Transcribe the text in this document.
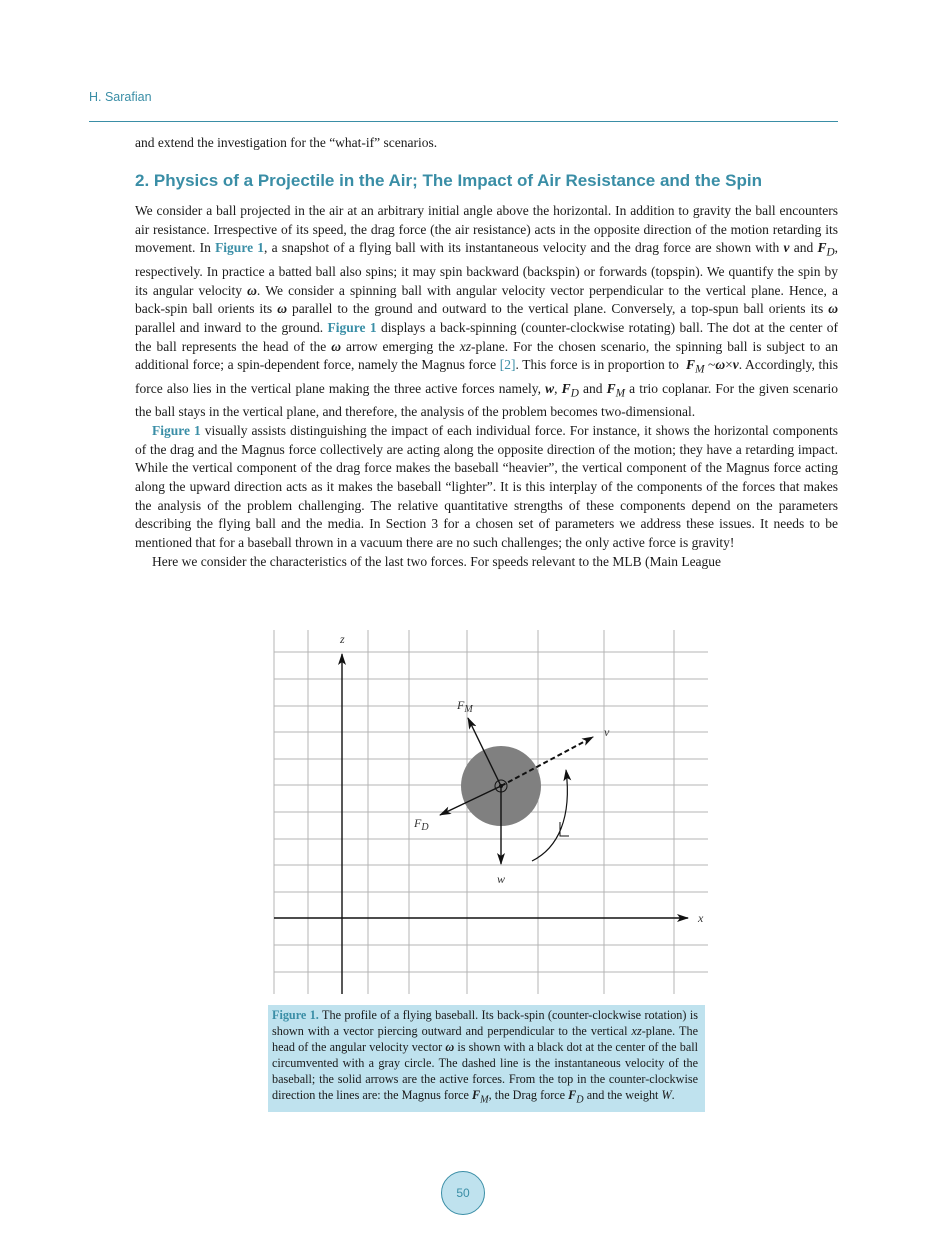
H. Sarafian
and extend the investigation for the “what-if” scenarios.
2. Physics of a Projectile in the Air; The Impact of Air Resistance and the Spin

We consider a ball projected in the air at an arbitrary initial angle above the horizontal. In addition to gravity the ball encounters air resistance. Irrespective of its speed, the drag force (the air resistance) acts in the opposite direction of the motion retarding its movement. In Figure 1, a snapshot of a flying ball with its instantaneous velocity and the drag force are shown with v and $F_D$, respectively. In practice a batted ball also spins; it may spin backward (backspin) or forwards (topspin). We quantify the spin by its angular velocity ω. We consider a spinning ball with angular velocity vector perpendicular to the vertical plane. Hence, a back-spin ball orients its ω parallel to the ground and outward to the vertical plane. Conversely, a top-spun ball orients its ω parallel and inward to the ground. Figure 1 displays a back-spinning (counter-clockwise rotating) ball. The dot at the center of the ball represents the head of the ω arrow emerging the xz-plane. For the chosen scenario, the spinning ball is subject to an additional force; a spin-dependent force, namely the Magnus force [2]. This force is in proportion to  $F_M$ ~ω×v. Accordingly, this force also lies in the vertical plane making the three active forces namely, w, $F_D$ and $F_M$ a trio coplanar. For the given scenario the ball stays in the vertical plane, and therefore, the analysis of the problem becomes two-dimensional.

Figure 1 visually assists distinguishing the impact of each individual force. For instance, it shows the horizontal components of the drag and the Magnus force collectively are acting along the opposite direction of the motion; they have a retarding impact. While the vertical component of the drag force makes the baseball “heavier”, the vertical component of the Magnus force acting along the upward direction acts as it makes the baseball “lighter”. It is this interplay of the components of the forces that makes the analysis of the problem challenging. The relative quantitative strengths of these components depend on the parameters describing the flying ball and the media. In Section 3 for a chosen set of parameters we address these issues. It needs to be mentioned that for a baseball thrown in a vacuum there are no such challenges; the only active force is gravity!

Here we consider the characteristics of the last two forces. For speeds relevant to the MLB (Main League

z
x
$F_M$
v
$F_D$
w
Figure 1. The profile of a flying baseball. Its back-spin (counter-clockwise rotation) is shown with a vector piercing outward and perpendicular to the vertical xz-plane. The head of the angular velocity vector ω is shown with a black dot at the center of the ball circumvented with a gray circle. The dashed line is the instantaneous velocity of the baseball; the solid arrows are the active forces. From the top in the counter-clockwise direction the lines are: the Magnus force $F_M$, the Drag force $F_D$ and the weight W.
50
